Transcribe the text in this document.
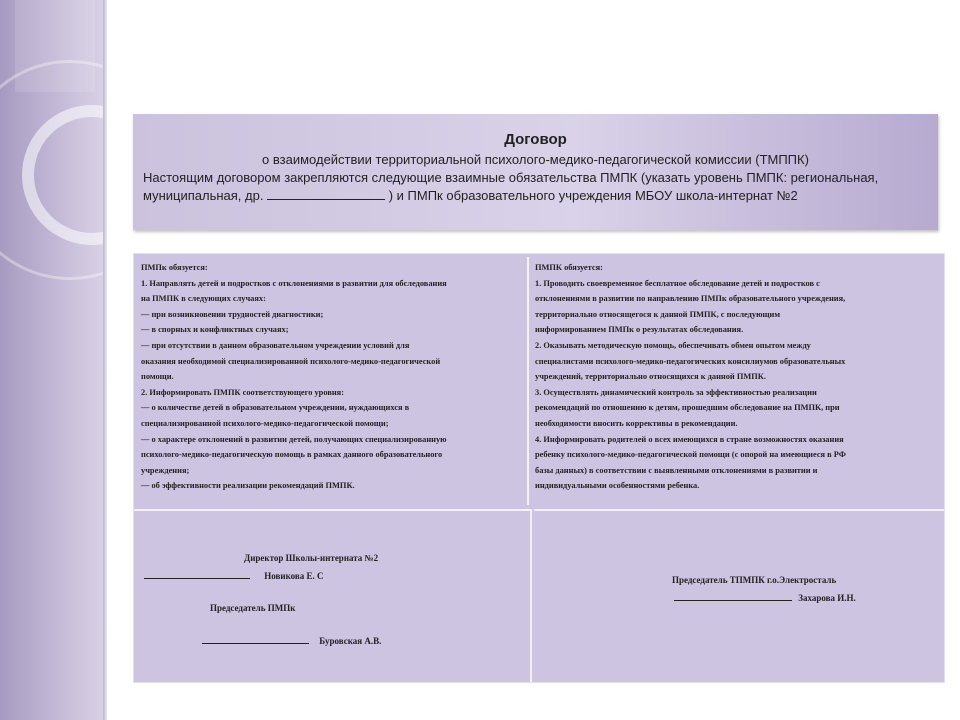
Договор
о взаимодействии территориальной психолого-медико-педагогической комиссии (ТМППК)
Настоящим договором закрепляются следующие взаимные обязательства ПМПК (указать уровень ПМПК: региональная,
муниципальная, др.	) и ПМПк образовательного учреждения МБОУ школа-интернат №2
ПМПк обязуется:
1. Направлять детей и подростков с отклонениями в развитии для обследования
на ПМПК в следующих случаях:
— при возникновении трудностей диагностики;
— в спорных и конфликтных случаях;
— при отсутствии в данном образовательном учреждении условий для
оказания необходимой специализированной психолого-медико-педагогической
помощи.
2. Информировать ПМПК соответствующего уровня:
— о количестве детей в образовательном учреждении, нуждающихся в
специализированной психолого-медико-педагогической помощи;
— о характере отклонений в развитии детей, получающих специализированную
психолого-медико-педагогическую помощь в рамках данного образовательного
учреждения;
— об эффективности реализации рекомендаций ПМПК.
ПМПК обязуется:
1. Проводить своевременное бесплатное обследование детей и подростков с
отклонениями в развитии по направлению ПМПк образовательного учреждения,
территориально относящегося к данной ПМПК, с последующим
информированием ПМПк о результатах обследования.
2. Оказывать методическую помощь, обеспечивать обмен опытом между
специалистами психолого-медико-педагогических консилиумов образовательных
учреждений, территориально относящихся к данной ПМПК.
3. Осуществлять динамический контроль за эффективностью реализации
рекомендаций по отношению к детям, прошедшим обследование на ПМПК, при
необходимости вносить коррективы в рекомендации.
4. Информировать родителей о всех имеющихся в стране возможностях оказания
ребенку психолого-медико-педагогической помощи (с опорой на имеющиеся в РФ
базы данных) в соответствии с выявленными отклонениями в развитии и
индивидуальными особенностями ребенка.
Директор Школы-интерната №2
Новикова Е. С
Председатель ПМПк
Буровская А.В.
Председатель ТПМПК г.о.Электросталь
Захарова И.Н.
